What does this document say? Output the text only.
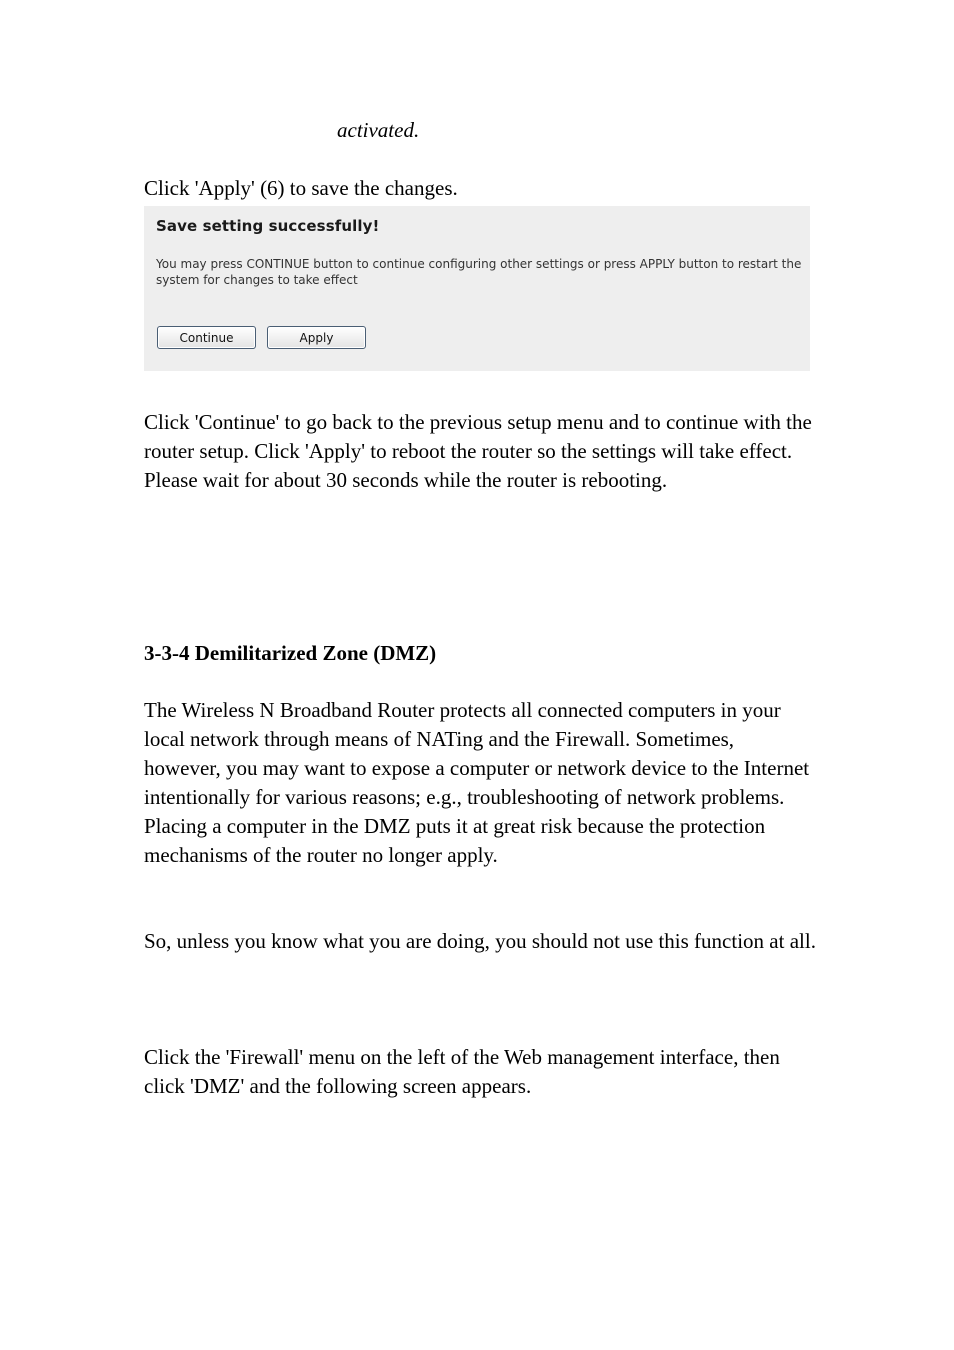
activated.

Click 'Apply' (6) to save the changes.

Save setting successfully!

You may press CONTINUE button to continue configuring other settings or press APPLY button to restart the system for changes to take effect

Continue	Apply

Click 'Continue' to go back to the previous setup menu and to continue with the router setup. Click 'Apply' to reboot the router so the settings will take effect. Please wait for about 30 seconds while the router is rebooting.

3-3-4 Demilitarized Zone (DMZ)

The Wireless N Broadband Router protects all connected computers in your local network through means of NATing and the Firewall. Sometimes, however, you may want to expose a computer or network device to the Internet intentionally for various reasons; e.g., troubleshooting of network problems. Placing a computer in the DMZ puts it at great risk because the protection mechanisms of the router no longer apply.

So, unless you know what you are doing, you should not use this function at all.

Click the 'Firewall' menu on the left of the Web management interface, then click 'DMZ' and the following screen appears.
